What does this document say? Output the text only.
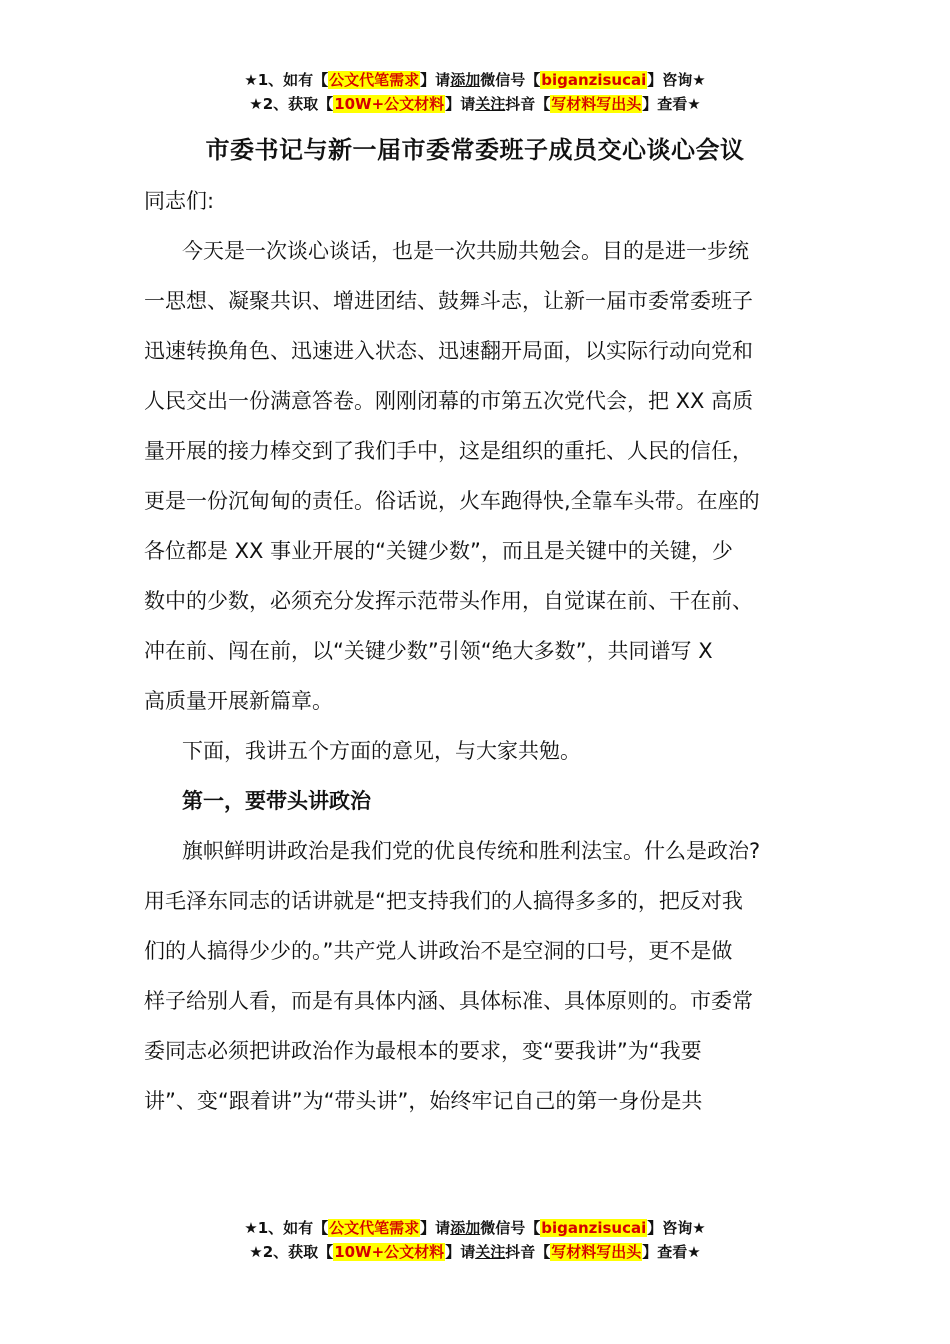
★1、如有【公文代笔需求】请添加微信号【biganzisucai】咨询★
★2、获取【10W+公文材料】请关注抖音【写材料写出头】查看★
市委书记与新一届市委常委班子成员交心谈心会议
同志们:
今天是一次谈心谈话，也是一次共励共勉会。目的是进一步统
一思想、凝聚共识、增进团结、鼓舞斗志，让新一届市委常委班子
迅速转换角色、迅速进入状态、迅速翻开局面，以实际行动向党和
人民交出一份满意答卷。刚刚闭幕的市第五次党代会，把 XX 高质
量开展的接力棒交到了我们手中，这是组织的重托、人民的信任，
更是一份沉甸甸的责任。俗话说，火车跑得快,全靠车头带。在座的
各位都是 XX 事业开展的“关键少数”，而且是关键中的关键，少
数中的少数，必须充分发挥示范带头作用，自觉谋在前、干在前、
冲在前、闯在前，以“关键少数”引领“绝大多数”，共同谱写 X
高质量开展新篇章。
下面，我讲五个方面的意见，与大家共勉。
第一，要带头讲政治
旗帜鲜明讲政治是我们党的优良传统和胜利法宝。什么是政治?
用毛泽东同志的话讲就是“把支持我们的人搞得多多的，把反对我
们的人搞得少少的。”共产党人讲政治不是空洞的口号，更不是做
样子给别人看，而是有具体内涵、具体标准、具体原则的。市委常
委同志必须把讲政治作为最根本的要求，变“要我讲”为“我要
讲”、变“跟着讲”为“带头讲”，始终牢记自己的第一身份是共
★1、如有【公文代笔需求】请添加微信号【biganzisucai】咨询★
★2、获取【10W+公文材料】请关注抖音【写材料写出头】查看★
